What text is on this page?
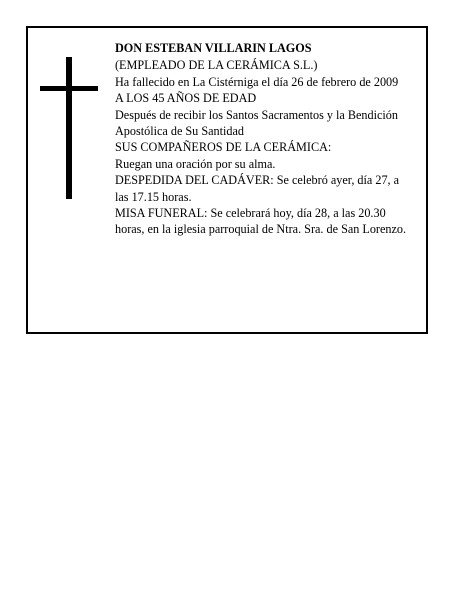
DON ESTEBAN VILLARIN LAGOS

(EMPLEADO DE LA CERÁMICA S.L.)

Ha fallecido en La Cistérniga el día 26 de febrero de 2009

A LOS 45 AÑOS DE EDAD

Después de recibir los Santos Sacramentos y la Bendición Apostólica de Su Santidad

SUS COMPAÑEROS DE LA CERÁMICA:

Ruegan una oración por su alma.

DESPEDIDA DEL CADÁVER: Se celebró ayer, día 27, a las 17.15 horas.

MISA FUNERAL: Se celebrará hoy, día 28, a las 20.30 horas, en la iglesia parroquial de Ntra. Sra. de San Lorenzo.
